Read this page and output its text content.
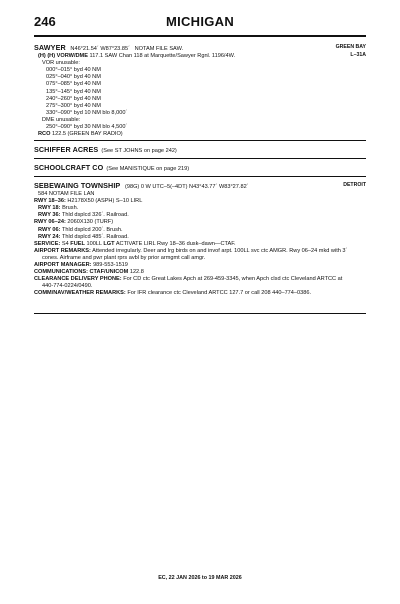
246	MICHIGAN
GREEN BAY
L–31A
SAWYER N46°21.54´ W87°23.85´ NOTAM FILE SAW.
(H) (H) VORW/DME 117.1 SAW Chan 118 at Marquette/Sawyer Rgnl. 1196/4W.
VOR unusable:
000°–015° byd 40 NM
025°–040° byd 40 NM
075°–085° byd 40 NM
135°–145° byd 40 NM
240°–260° byd 40 NM
275°–300° byd 40 NM
330°–090° byd 10 NM blo 8,000´
DME unusable:
250°–090° byd 30 NM blo 4,500´
RCO 122.5 (GREEN BAY RADIO)
SCHIFFER ACRES (See ST JOHNS on page 242)
SCHOOLCRAFT CO (See MANISTIQUE on page 219)
DETROIT
SEBEWAING TOWNSHIP (98G) 0 W UTC–5(–4DT) N43°43.77´ W83°27.82´
584 NOTAM FILE LAN
RWY 18–36: H2178X50 (ASPH) S–10 LIRL
RWY 18: Brush.
RWY 36: Thld dsplcd 326´. Railroad.
RWY 06–24: 2060X130 (TURF)
RWY 06: Thld dsplcd 200´. Brush.
RWY 24: Thld dsplcd 485´. Railroad.
SERVICE: S4 FUEL 100LL LGT ACTIVATE LIRL Rwy 18–36 dusk–dawn—CTAF.
AIRPORT REMARKS: Attended irregularly. Deer and lrg birds on and invof arpt. 100LL svc ctc AMGR. Rwy 06–24 mkd with 3´
cones. Airframe and pwr plant rprs avbl by prior armgmt call amgr.
AIRPORT MANAGER: 989-553-1519
COMMUNICATIONS: CTAF/UNICOM 122.8
CLEARANCE DELIVERY PHONE: For CD ctc Great Lakes Apch at 269-459-3345, when Apch clsd ctc Cleveland ARTCC at
440-774-0224/0490.
COMM/NAV/WEATHER REMARKS: For IFR clearance ctc Cleveland ARTCC 127.7 or call 208 440–774–0386.
EC, 22 JAN 2026 to 19 MAR 2026
